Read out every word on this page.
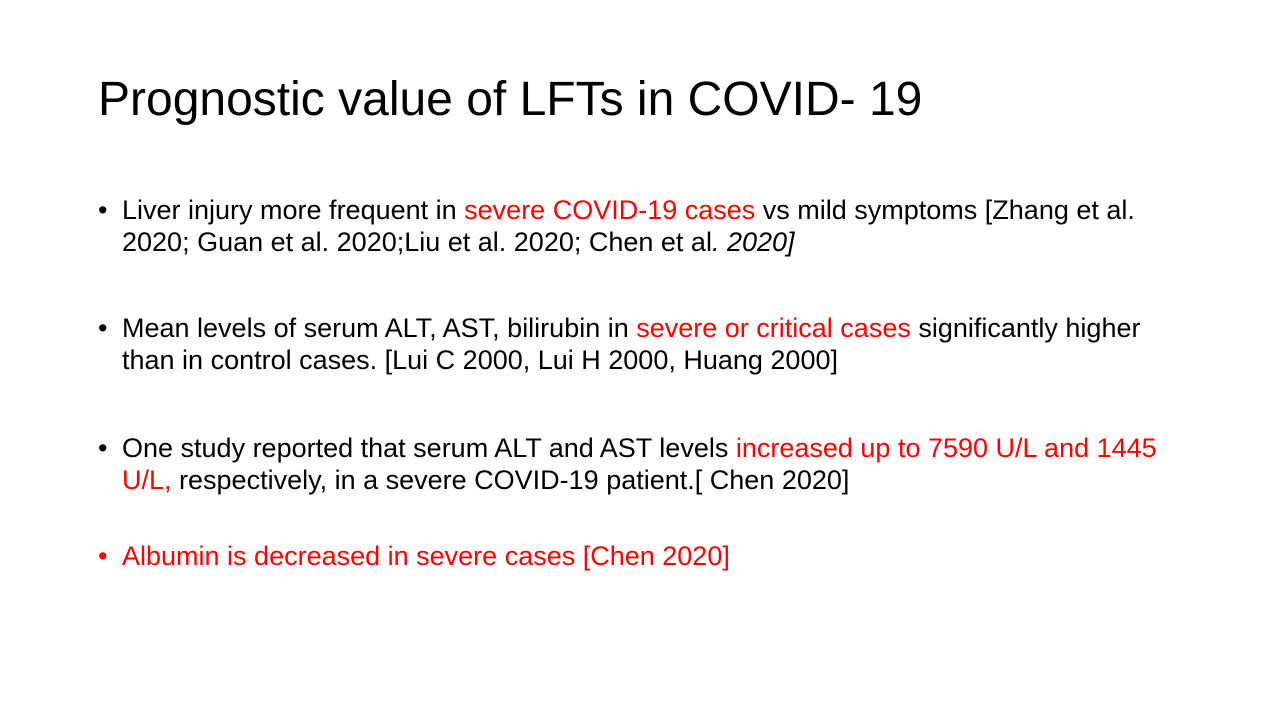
Prognostic value of LFTs in COVID- 19
• Liver injury more frequent in severe COVID-19 cases vs mild symptoms [Zhang et al. 2020; Guan et al. 2020;Liu et al. 2020; Chen et al. 2020]
• Mean levels of serum ALT, AST, bilirubin in severe or critical cases significantly higher than in control cases. [Lui C 2000, Lui H 2000, Huang 2000]
• One study reported that serum ALT and AST levels increased up to 7590 U/L and 1445 U/L, respectively, in a severe COVID-19 patient.[ Chen 2020]
• Albumin is decreased in severe cases [Chen 2020]
